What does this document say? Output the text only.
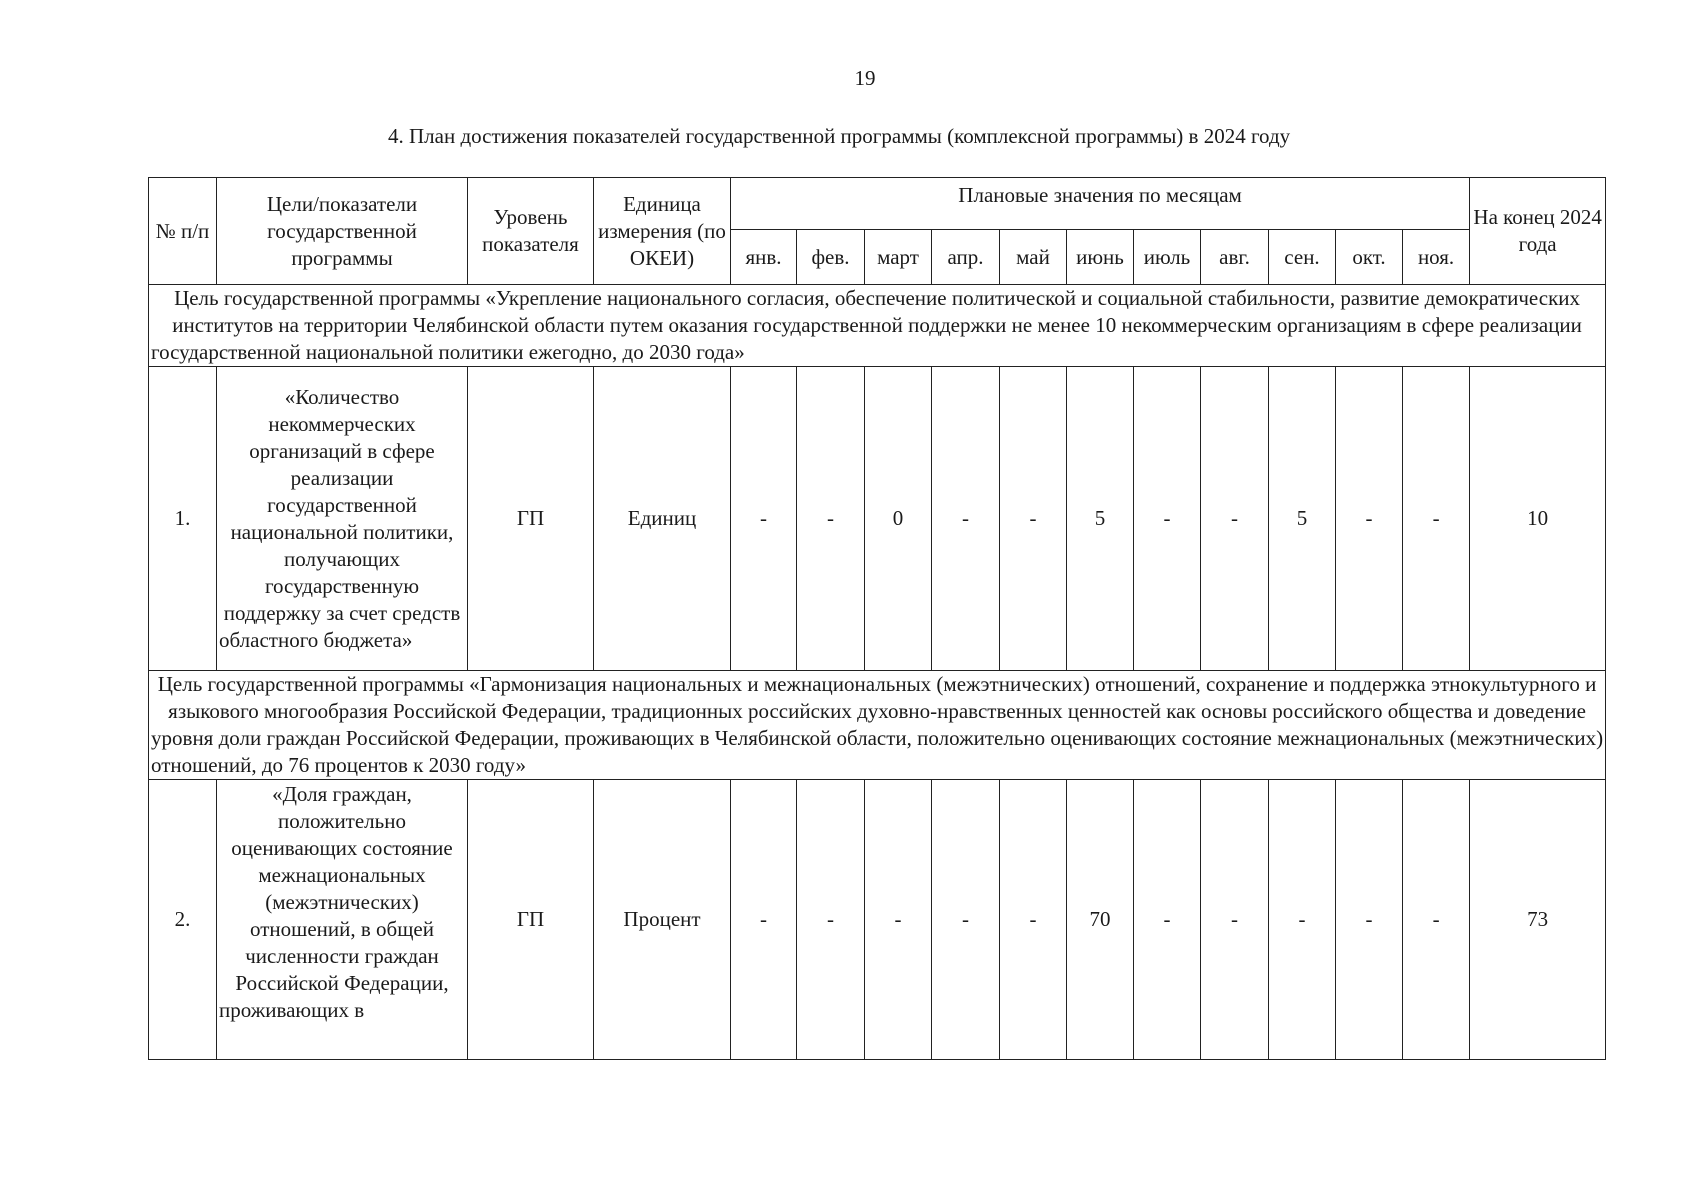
19
4. План достижения показателей государственной программы (комплексной программы) в 2024 году
№ п/п	Цели/показатели государственной программы	Уровень показателя	Единица измерения (по ОКЕИ)	Плановые значения по месяцам											На конец 2024 года
				янв.	фев.	март	апр.	май	июнь	июль	авг.	сен.	окт.	ноя.	
Цель государственной программы «Укрепление национального согласия, обеспечение политической и социальной стабильности, развитие демократических институтов на территории Челябинской области путем оказания государственной поддержки не менее 10 некоммерческим организациям в сфере реализации государственной национальной политики ежегодно, до 2030 года»															
1.	«Количество некоммерческих организаций в сфере реализации государственной национальной политики, получающих государственную поддержку за счет средств областного бюджета»	ГП	Единиц	-	-	0	-	-	5	-	-	5	-	-	10
Цель государственной программы «Гармонизация национальных и межнациональных (межэтнических) отношений, сохранение и поддержка этнокультурного и языкового многообразия Российской Федерации, традиционных российских духовно-нравственных ценностей как основы российского общества и доведение уровня доли граждан Российской Федерации, проживающих в Челябинской области, положительно оценивающих состояние межнациональных (межэтнических) отношений, до 76 процентов к 2030 году»															
2.	«Доля граждан, положительно оценивающих состояние межнациональных (межэтнических) отношений, в общей численности граждан Российской Федерации, проживающих в	ГП	Процент	-	-	-	-	-	70	-	-	-	-	-	73
